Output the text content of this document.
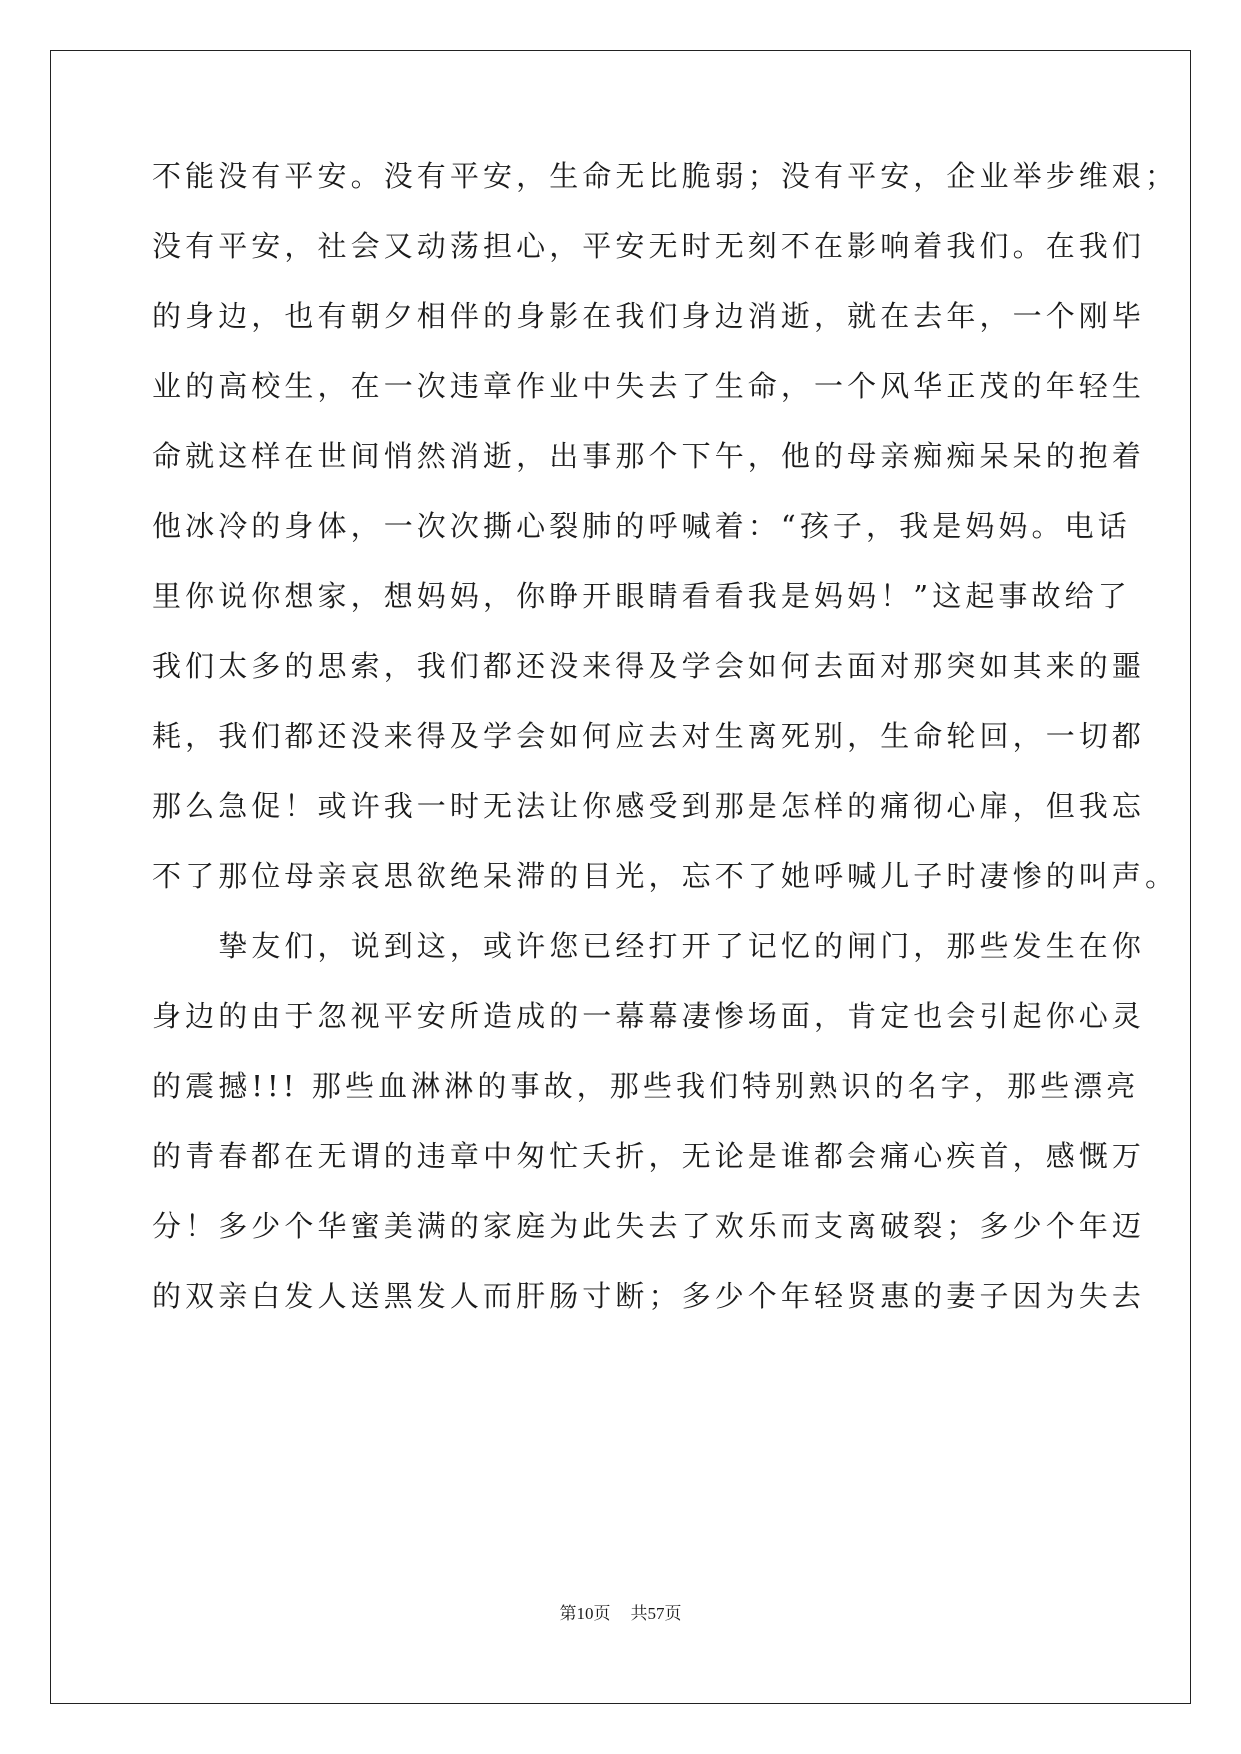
不能没有平安。没有平安，生命无比脆弱；没有平安，企业举步维艰；
没有平安，社会又动荡担心，平安无时无刻不在影响着我们。在我们
的身边，也有朝夕相伴的身影在我们身边消逝，就在去年，一个刚毕
业的高校生，在一次违章作业中失去了生命，一个风华正茂的年轻生
命就这样在世间悄然消逝，出事那个下午，他的母亲痴痴呆呆的抱着
他冰冷的身体，一次次撕心裂肺的呼喊着：“孩子，我是妈妈。电话
里你说你想家，想妈妈，你睁开眼睛看看我是妈妈！”这起事故给了
我们太多的思索，我们都还没来得及学会如何去面对那突如其来的噩
耗，我们都还没来得及学会如何应去对生离死别，生命轮回，一切都
那么急促！或许我一时无法让你感受到那是怎样的痛彻心扉，但我忘
不了那位母亲哀思欲绝呆滞的目光，忘不了她呼喊儿子时凄惨的叫声。
　　挚友们，说到这，或许您已经打开了记忆的闸门，那些发生在你
身边的由于忽视平安所造成的一幕幕凄惨场面，肯定也会引起你心灵
的震撼!!! 那些血淋淋的事故，那些我们特别熟识的名字，那些漂亮
的青春都在无谓的违章中匆忙夭折，无论是谁都会痛心疾首，感慨万
分！多少个华蜜美满的家庭为此失去了欢乐而支离破裂；多少个年迈
的双亲白发人送黑发人而肝肠寸断；多少个年轻贤惠的妻子因为失去
第10页 共57页
